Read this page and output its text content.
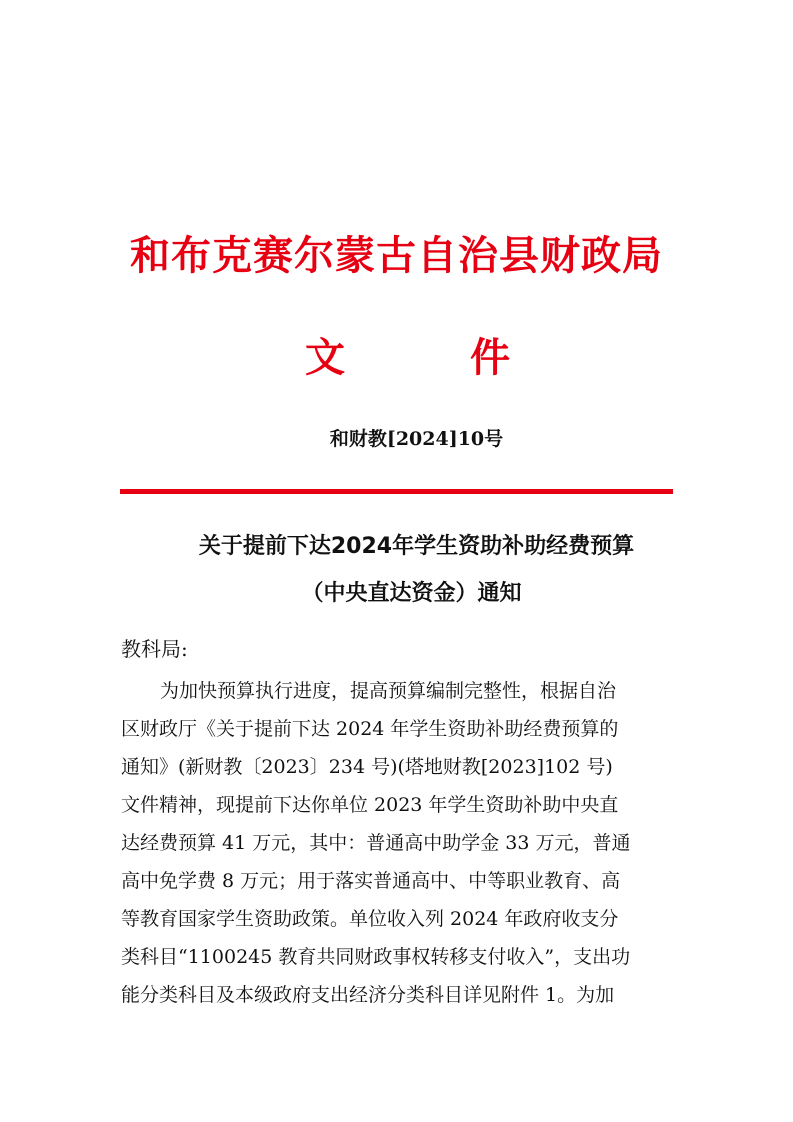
和布克赛尔蒙古自治县财政局
文	件
和财教[2024]10号
关于提前下达2024年学生资助补助经费预算
（中央直达资金）通知
教科局:
为加快预算执行进度，提高预算编制完整性，根据自治
区财政厅《关于提前下达 2024 年学生资助补助经费预算的
通知》(新财教〔2023〕234 号)(塔地财教[2023]102 号)
文件精神，现提前下达你单位 2023 年学生资助补助中央直
达经费预算 41 万元，其中：普通高中助学金 33 万元，普通
高中免学费 8 万元；用于落实普通高中、中等职业教育、高
等教育国家学生资助政策。单位收入列 2024 年政府收支分
类科目“1100245 教育共同财政事权转移支付收入”，支出功
能分类科目及本级政府支出经济分类科目详见附件 1。为加
